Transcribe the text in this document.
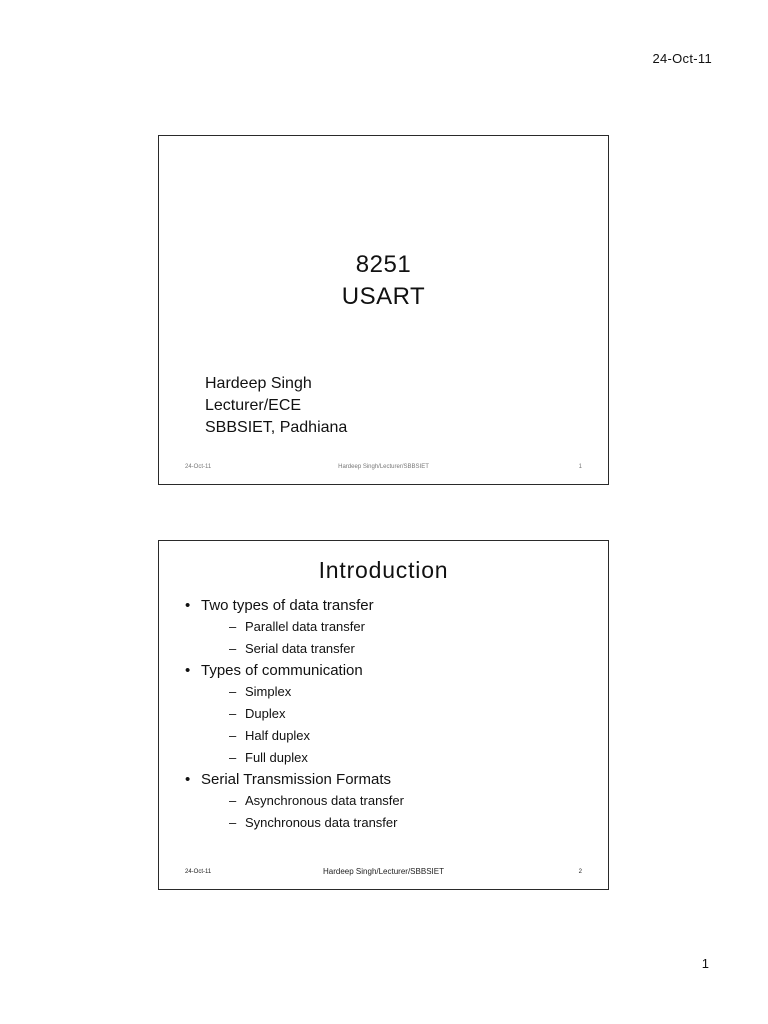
24-Oct-11
8251
USART
Hardeep Singh
Lecturer/ECE
SBBSIET, Padhiana
24-Oct-11	Hardeep Singh/Lecturer/SBBSIET	1
Introduction
• Two types of data transfer
– Parallel data transfer
– Serial data transfer
• Types of communication
– Simplex
– Duplex
– Half duplex
– Full duplex
• Serial Transmission Formats
– Asynchronous data transfer
– Synchronous data transfer
24-Oct-11	Hardeep Singh/Lecturer/SBBSIET	2
1
